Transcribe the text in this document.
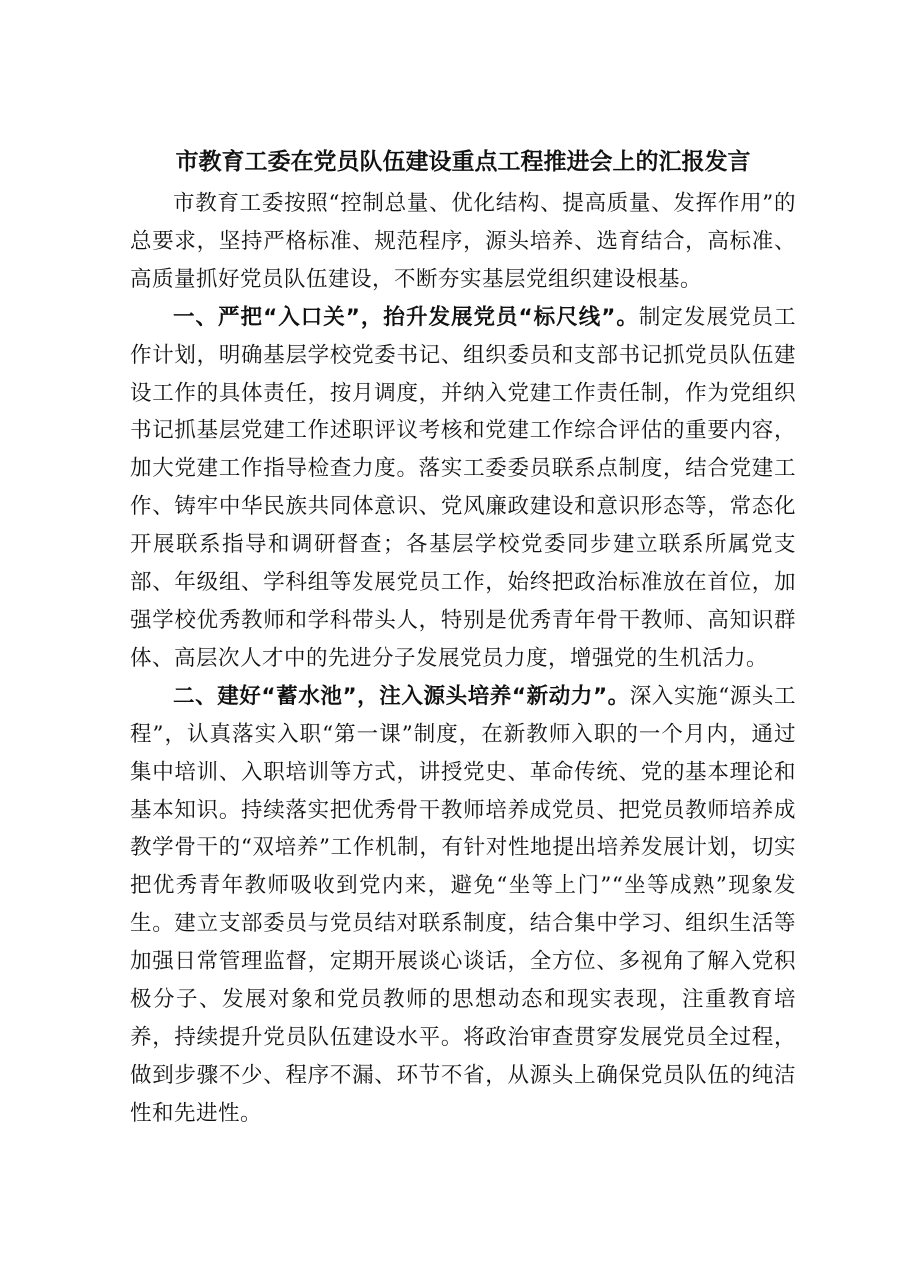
市教育工委在党员队伍建设重点工程推进会上的汇报发言

市教育工委按照“控制总量、优化结构、提高质量、发挥作用”的总要求，坚持严格标准、规范程序，源头培养、选育结合，高标准、高质量抓好党员队伍建设，不断夯实基层党组织建设根基。

一、严把“入口关”，抬升发展党员“标尺线”。制定发展党员工作计划，明确基层学校党委书记、组织委员和支部书记抓党员队伍建设工作的具体责任，按月调度，并纳入党建工作责任制，作为党组织书记抓基层党建工作述职评议考核和党建工作综合评估的重要内容，加大党建工作指导检查力度。落实工委委员联系点制度，结合党建工作、铸牢中华民族共同体意识、党风廉政建设和意识形态等，常态化开展联系指导和调研督查；各基层学校党委同步建立联系所属党支部、年级组、学科组等发展党员工作，始终把政治标准放在首位，加强学校优秀教师和学科带头人，特别是优秀青年骨干教师、高知识群体、高层次人才中的先进分子发展党员力度，增强党的生机活力。

二、建好“蓄水池”，注入源头培养“新动力”。深入实施“源头工程”，认真落实入职“第一课”制度，在新教师入职的一个月内，通过集中培训、入职培训等方式，讲授党史、革命传统、党的基本理论和基本知识。持续落实把优秀骨干教师培养成党员、把党员教师培养成教学骨干的“双培养”工作机制，有针对性地提出培养发展计划，切实把优秀青年教师吸收到党内来，避免“坐等上门”“坐等成熟”现象发生。建立支部委员与党员结对联系制度，结合集中学习、组织生活等加强日常管理监督，定期开展谈心谈话，全方位、多视角了解入党积极分子、发展对象和党员教师的思想动态和现实表现，注重教育培养，持续提升党员队伍建设水平。将政治审查贯穿发展党员全过程，做到步骤不少、程序不漏、环节不省，从源头上确保党员队伍的纯洁性和先进性。
